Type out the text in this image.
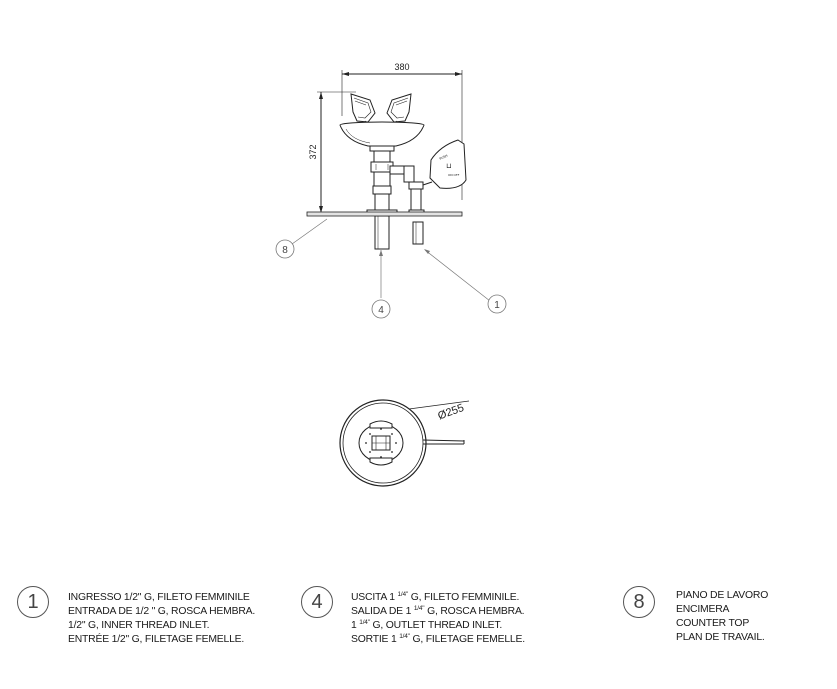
380
372
⊔
PUSH
ON OFF
8
4	1
Ø255
1	INGRESSO 1/2" G, FILETO FEMMINILE
ENTRADA DE 1/2 " G, ROSCA HEMBRA.
1/2" G, INNER THREAD INLET.
ENTRÉE 1/2" G, FILETAGE FEMELLE.
4	USCITA 1 $^{1/4"}$ G, FILETO FEMMINILE.
SALIDA DE 1 $^{1/4"}$ G, ROSCA HEMBRA.
1 $^{1/4"}$ G, OUTLET THREAD INLET.
SORTIE 1 $^{1/4"}$ G, FILETAGE FEMELLE.
8	PIANO DE LAVORO
ENCIMERA
COUNTER TOP
PLAN DE TRAVAIL.
